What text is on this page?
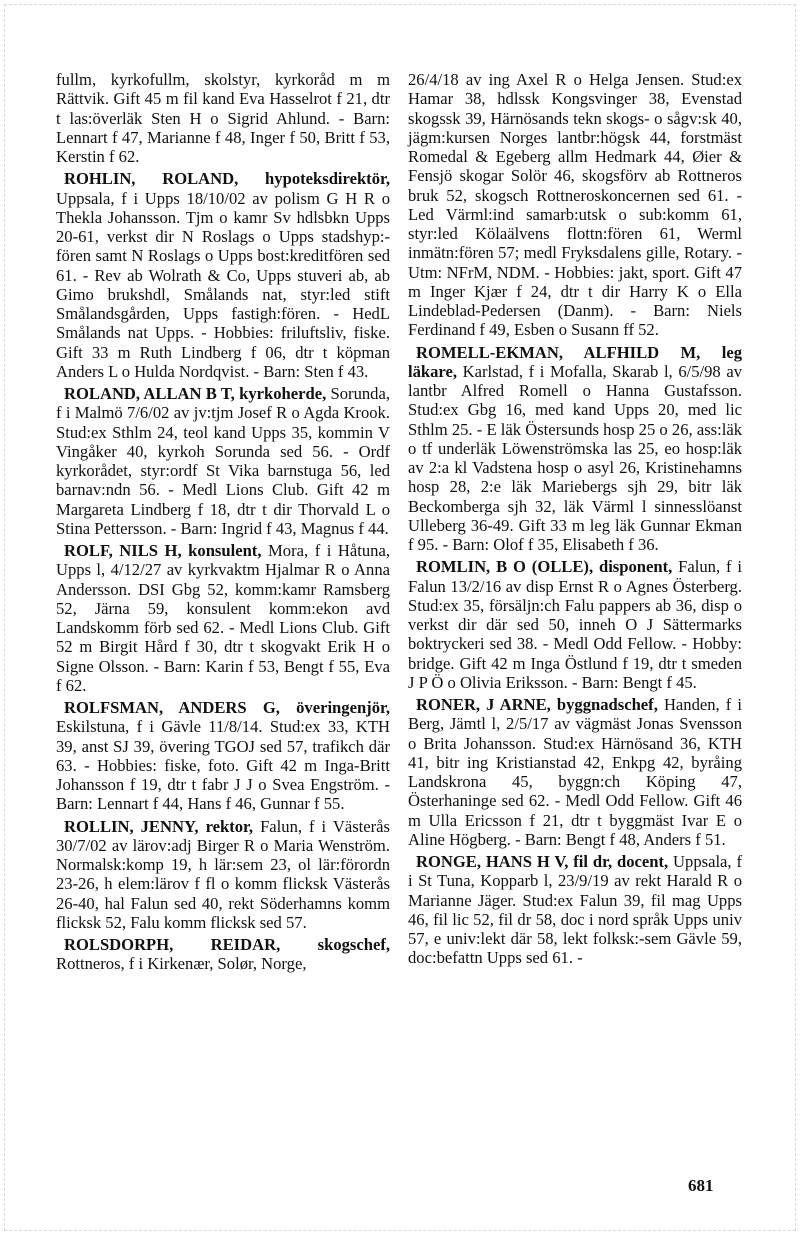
fullm, kyrkofullm, skolstyr, kyrkoråd m m Rättvik. Gift 45 m fil kand Eva Hasselrot f 21, dtr t las:överläk Sten H o Sigrid Ahlund. - Barn: Lennart f 47, Marianne f 48, Inger f 50, Britt f 53, Kerstin f 62.

ROHLIN, ROLAND, hypoteksdirektör, Uppsala, f i Upps 18/10/02 av polism G H R o Thekla Johansson. Tjm o kamr Sv hdlsbkn Upps 20-61, verkst dir N Roslags o Upps stadshyp:-fören samt N Roslags o Upps bost:kreditfören sed 61. - Rev ab Wolrath & Co, Upps stuveri ab, ab Gimo brukshdl, Smålands nat, styr:led stift Smålandsgården, Upps fastigh:fören. - HedL Smålands nat Upps. - Hobbies: friluftsliv, fiske. Gift 33 m Ruth Lindberg f 06, dtr t köpman Anders L o Hulda Nordqvist. - Barn: Sten f 43.

ROLAND, ALLAN B T, kyrkoherde, Sorunda, f i Malmö 7/6/02 av jv:tjm Josef R o Agda Krook. Stud:ex Sthlm 24, teol kand Upps 35, kommin V Vingåker 40, kyrkoh Sorunda sed 56. - Ordf kyrkorådet, styr:ordf St Vika barnstuga 56, led barnav:ndn 56. - Medl Lions Club. Gift 42 m Margareta Lindberg f 18, dtr t dir Thorvald L o Stina Pettersson. - Barn: Ingrid f 43, Magnus f 44.

ROLF, NILS H, konsulent, Mora, f i Håtuna, Upps l, 4/12/27 av kyrkvaktm Hjalmar R o Anna Andersson. DSI Gbg 52, komm:kamr Ramsberg 52, Järna 59, konsulent komm:ekon avd Landskomm förb sed 62. - Medl Lions Club. Gift 52 m Birgit Hård f 30, dtr t skogvakt Erik H o Signe Olsson. - Barn: Karin f 53, Bengt f 55, Eva f 62.

ROLFSMAN, ANDERS G, överingenjör, Eskilstuna, f i Gävle 11/8/14. Stud:ex 33, KTH 39, anst SJ 39, övering TGOJ sed 57, trafikch där 63. - Hobbies: fiske, foto. Gift 42 m Inga-Britt Johansson f 19, dtr t fabr J J o Svea Engström. - Barn: Lennart f 44, Hans f 46, Gunnar f 55.

ROLLIN, JENNY, rektor, Falun, f i Västerås 30/7/02 av lärov:adj Birger R o Maria Wenström. Normalsk:komp 19, h lär:sem 23, ol lär:förordn 23-26, h elem:lärov f fl o komm flicksk Västerås 26-40, hal Falun sed 40, rekt Söderhamns komm flicksk 52, Falu komm flicksk sed 57.

ROLSDORPH, REIDAR, skogschef, Rottneros, f i Kirkenær, Solør, Norge,

26/4/18 av ing Axel R o Helga Jensen. Stud:ex Hamar 38, hdlssk Kongsvinger 38, Evenstad skogssk 39, Härnösands tekn skogs- o sågv:sk 40, jägm:kursen Norges lantbr:högsk 44, forstmäst Romedal & Egeberg allm Hedmark 44, Øier & Fensjö skogar Solör 46, skogsförv ab Rottneros bruk 52, skogsch Rottneroskoncernen sed 61. - Led Värml:ind samarb:utsk o sub:komm 61, styr:led Kölaälvens flottn:fören 61, Werml inmätn:fören 57; medl Fryksdalens gille, Rotary. - Utm: NFrM, NDM. - Hobbies: jakt, sport. Gift 47 m Inger Kjær f 24, dtr t dir Harry K o Ella Lindeblad-Pedersen (Danm). - Barn: Niels Ferdinand f 49, Esben o Susann ff 52.

ROMELL-EKMAN, ALFHILD M, leg läkare, Karlstad, f i Mofalla, Skarab l, 6/5/98 av lantbr Alfred Romell o Hanna Gustafsson. Stud:ex Gbg 16, med kand Upps 20, med lic Sthlm 25. - E läk Östersunds hosp 25 o 26, ass:läk o tf underläk Löwenströmska las 25, eo hosp:läk av 2:a kl Vadstena hosp o asyl 26, Kristinehamns hosp 28, 2:e läk Mariebergs sjh 29, bitr läk Beckomberga sjh 32, läk Värml l sinnesslöanst Ulleberg 36-49. Gift 33 m leg läk Gunnar Ekman f 95. - Barn: Olof f 35, Elisabeth f 36.

ROMLIN, B O (OLLE), disponent, Falun, f i Falun 13/2/16 av disp Ernst R o Agnes Österberg. Stud:ex 35, försäljn:ch Falu pappers ab 36, disp o verkst dir där sed 50, inneh O J Sättermarks boktryckeri sed 38. - Medl Odd Fellow. - Hobby: bridge. Gift 42 m Inga Östlund f 19, dtr t smeden J P Ö o Olivia Eriksson. - Barn: Bengt f 45.

RONER, J ARNE, byggnadschef, Handen, f i Berg, Jämtl l, 2/5/17 av vägmäst Jonas Svensson o Brita Johansson. Stud:ex Härnösand 36, KTH 41, bitr ing Kristianstad 42, Enkpg 42, byråing Landskrona 45, byggn:ch Köping 47, Österhaninge sed 62. - Medl Odd Fellow. Gift 46 m Ulla Ericsson f 21, dtr t byggmäst Ivar E o Aline Högberg. - Barn: Bengt f 48, Anders f 51.

RONGE, HANS H V, fil dr, docent, Uppsala, f i St Tuna, Kopparb l, 23/9/19 av rekt Harald R o Marianne Jäger. Stud:ex Falun 39, fil mag Upps 46, fil lic 52, fil dr 58, doc i nord språk Upps univ 57, e univ:lekt där 58, lekt folksk:-sem Gävle 59, doc:befattn Upps sed 61. -

681
